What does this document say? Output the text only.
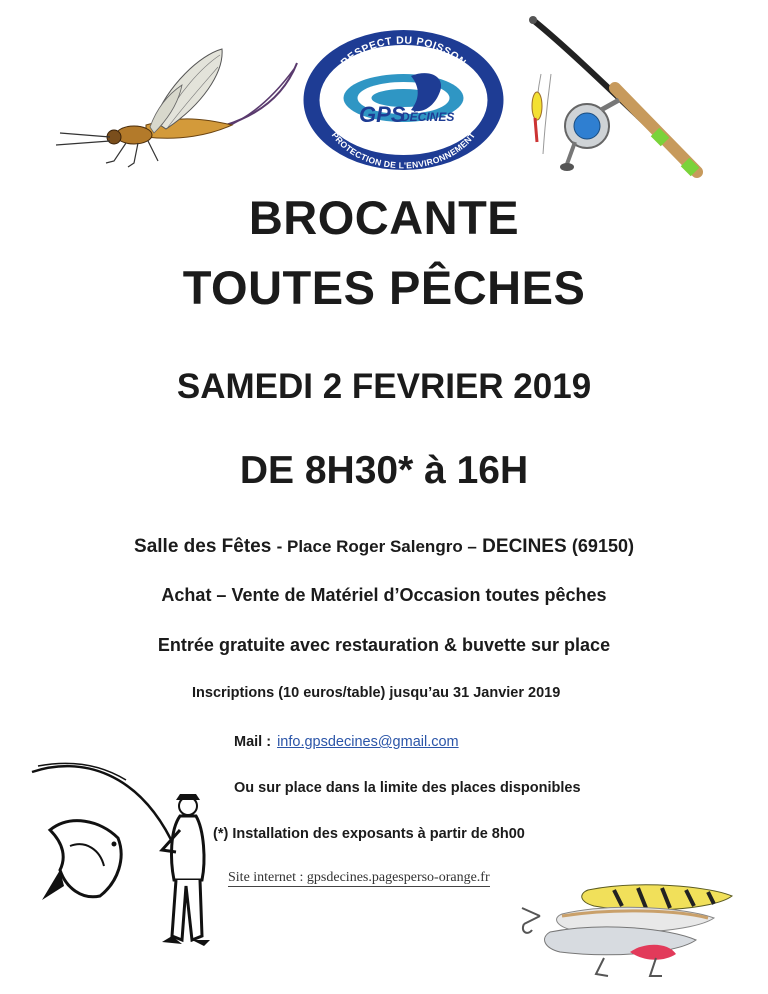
RESPECT DU POISSON
GPS
DÉCINES
PROTECTION DE L'ENVIRONNEMENT
BROCANTE
TOUTES PÊCHES
SAMEDI 2 FEVRIER 2019
DE 8H30* à 16H
Salle des Fêtes - Place Roger Salengro – DECINES (69150)
Achat – Vente de Matériel d’Occasion toutes pêches
Entrée gratuite avec restauration & buvette sur place
Inscriptions (10 euros/table) jusqu’au 31 Janvier 2019
Mail : info.gpsdecines@gmail.com
Ou sur place dans la limite des places disponibles
(*) Installation des exposants à partir de 8h00
Site internet : gpsdecines.pagesperso-orange.fr
